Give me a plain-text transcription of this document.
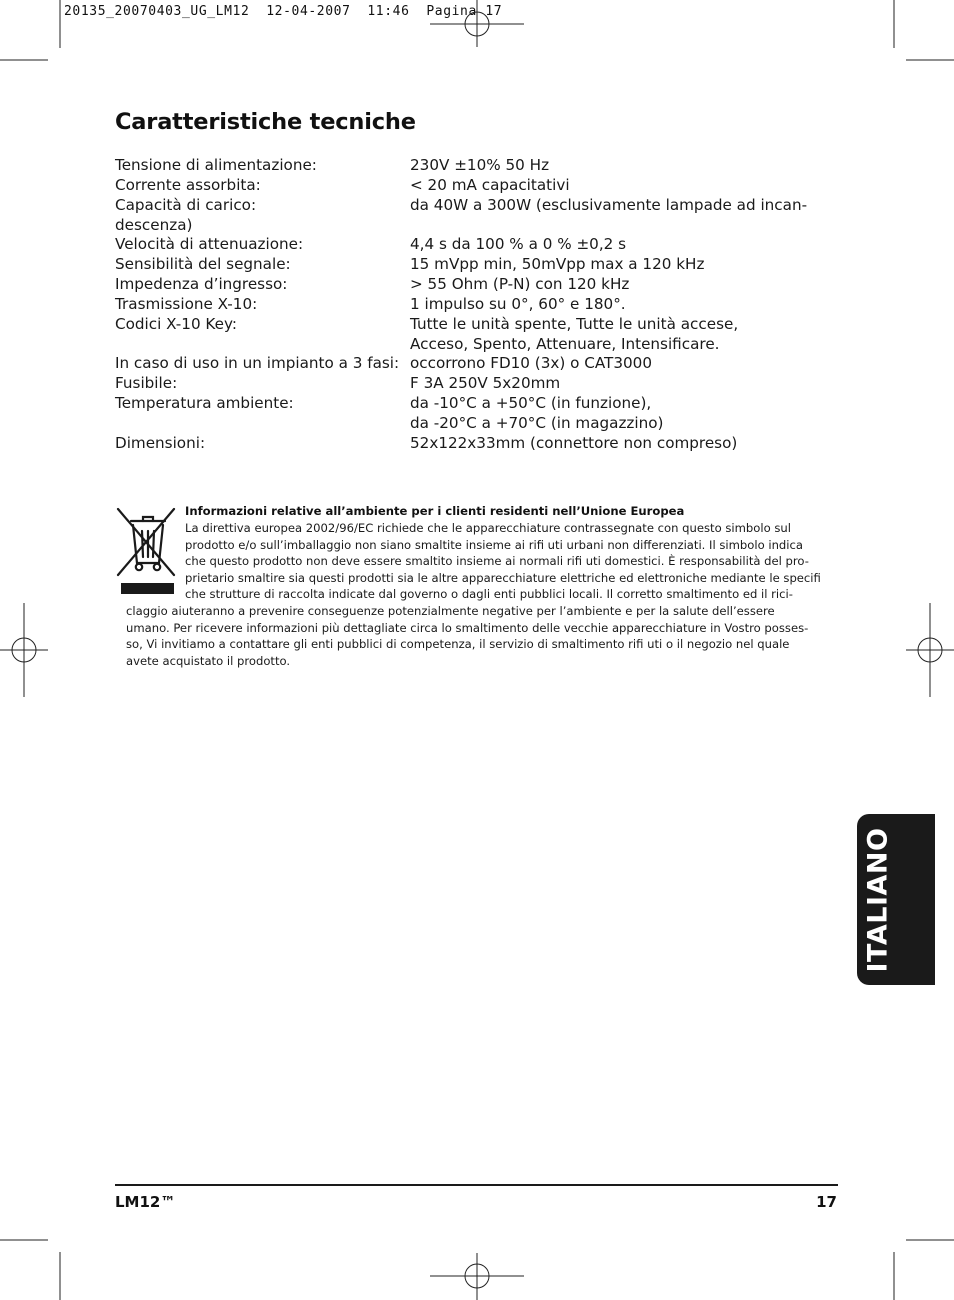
20135_20070403_UG_LM12  12-04-2007  11:46  Pagina 17
Caratteristiche tecniche
Tensione di alimentazione:	230V ±10% 50 Hz
Corrente assorbita:	< 20 mA capacitativi
Capacità di carico:	da 40W a 300W (esclusivamente lampade ad incan-
descenza)
Velocità di attenuazione:	4,4 s da 100 % a 0 % ±0,2 s
Sensibilità del segnale:	15 mVpp min, 50mVpp max a 120 kHz
Impedenza d’ingresso:	> 55 Ohm (P-N) con 120 kHz
Trasmissione X-10:	1 impulso su 0°, 60° e 180°.
Codici X-10 Key:	Tutte le unità spente, Tutte le unità accese,
Acceso, Spento, Attenuare, Intensificare.
In caso di uso in un impianto a 3 fasi: occorrono FD10 (3x) o CAT3000
Fusibile:	F 3A 250V 5x20mm
Temperatura ambiente:	da -10°C a +50°C (in funzione),
da -20°C a +70°C (in magazzino)
Dimensioni:	52x122x33mm (connettore non compreso)
Informazioni relative all’ambiente per i clienti residenti nell’Unione Europea
La direttiva europea 2002/96/EC richiede che le apparecchiature contrassegnate con questo simbolo sul
prodotto e/o sull’imballaggio non siano smaltite insieme ai rifi uti urbani non differenziati. Il simbolo indica
che questo prodotto non deve essere smaltito insieme ai normali rifi uti domestici. È responsabilità del pro-
prietario smaltire sia questi prodotti sia le altre apparecchiature elettriche ed elettroniche mediante le specifi
che strutture di raccolta indicate dal governo o dagli enti pubblici locali. Il corretto smaltimento ed il rici-
claggio aiuteranno a prevenire conseguenze potenzialmente negative per l’ambiente e per la salute dell’essere
umano. Per ricevere informazioni più dettagliate circa lo smaltimento delle vecchie apparecchiature in Vostro posses-
so, Vi invitiamo a contattare gli enti pubblici di competenza, il servizio di smaltimento rifi uti o il negozio nel quale
avete acquistato il prodotto.
ITALIANO
LM12™	17
